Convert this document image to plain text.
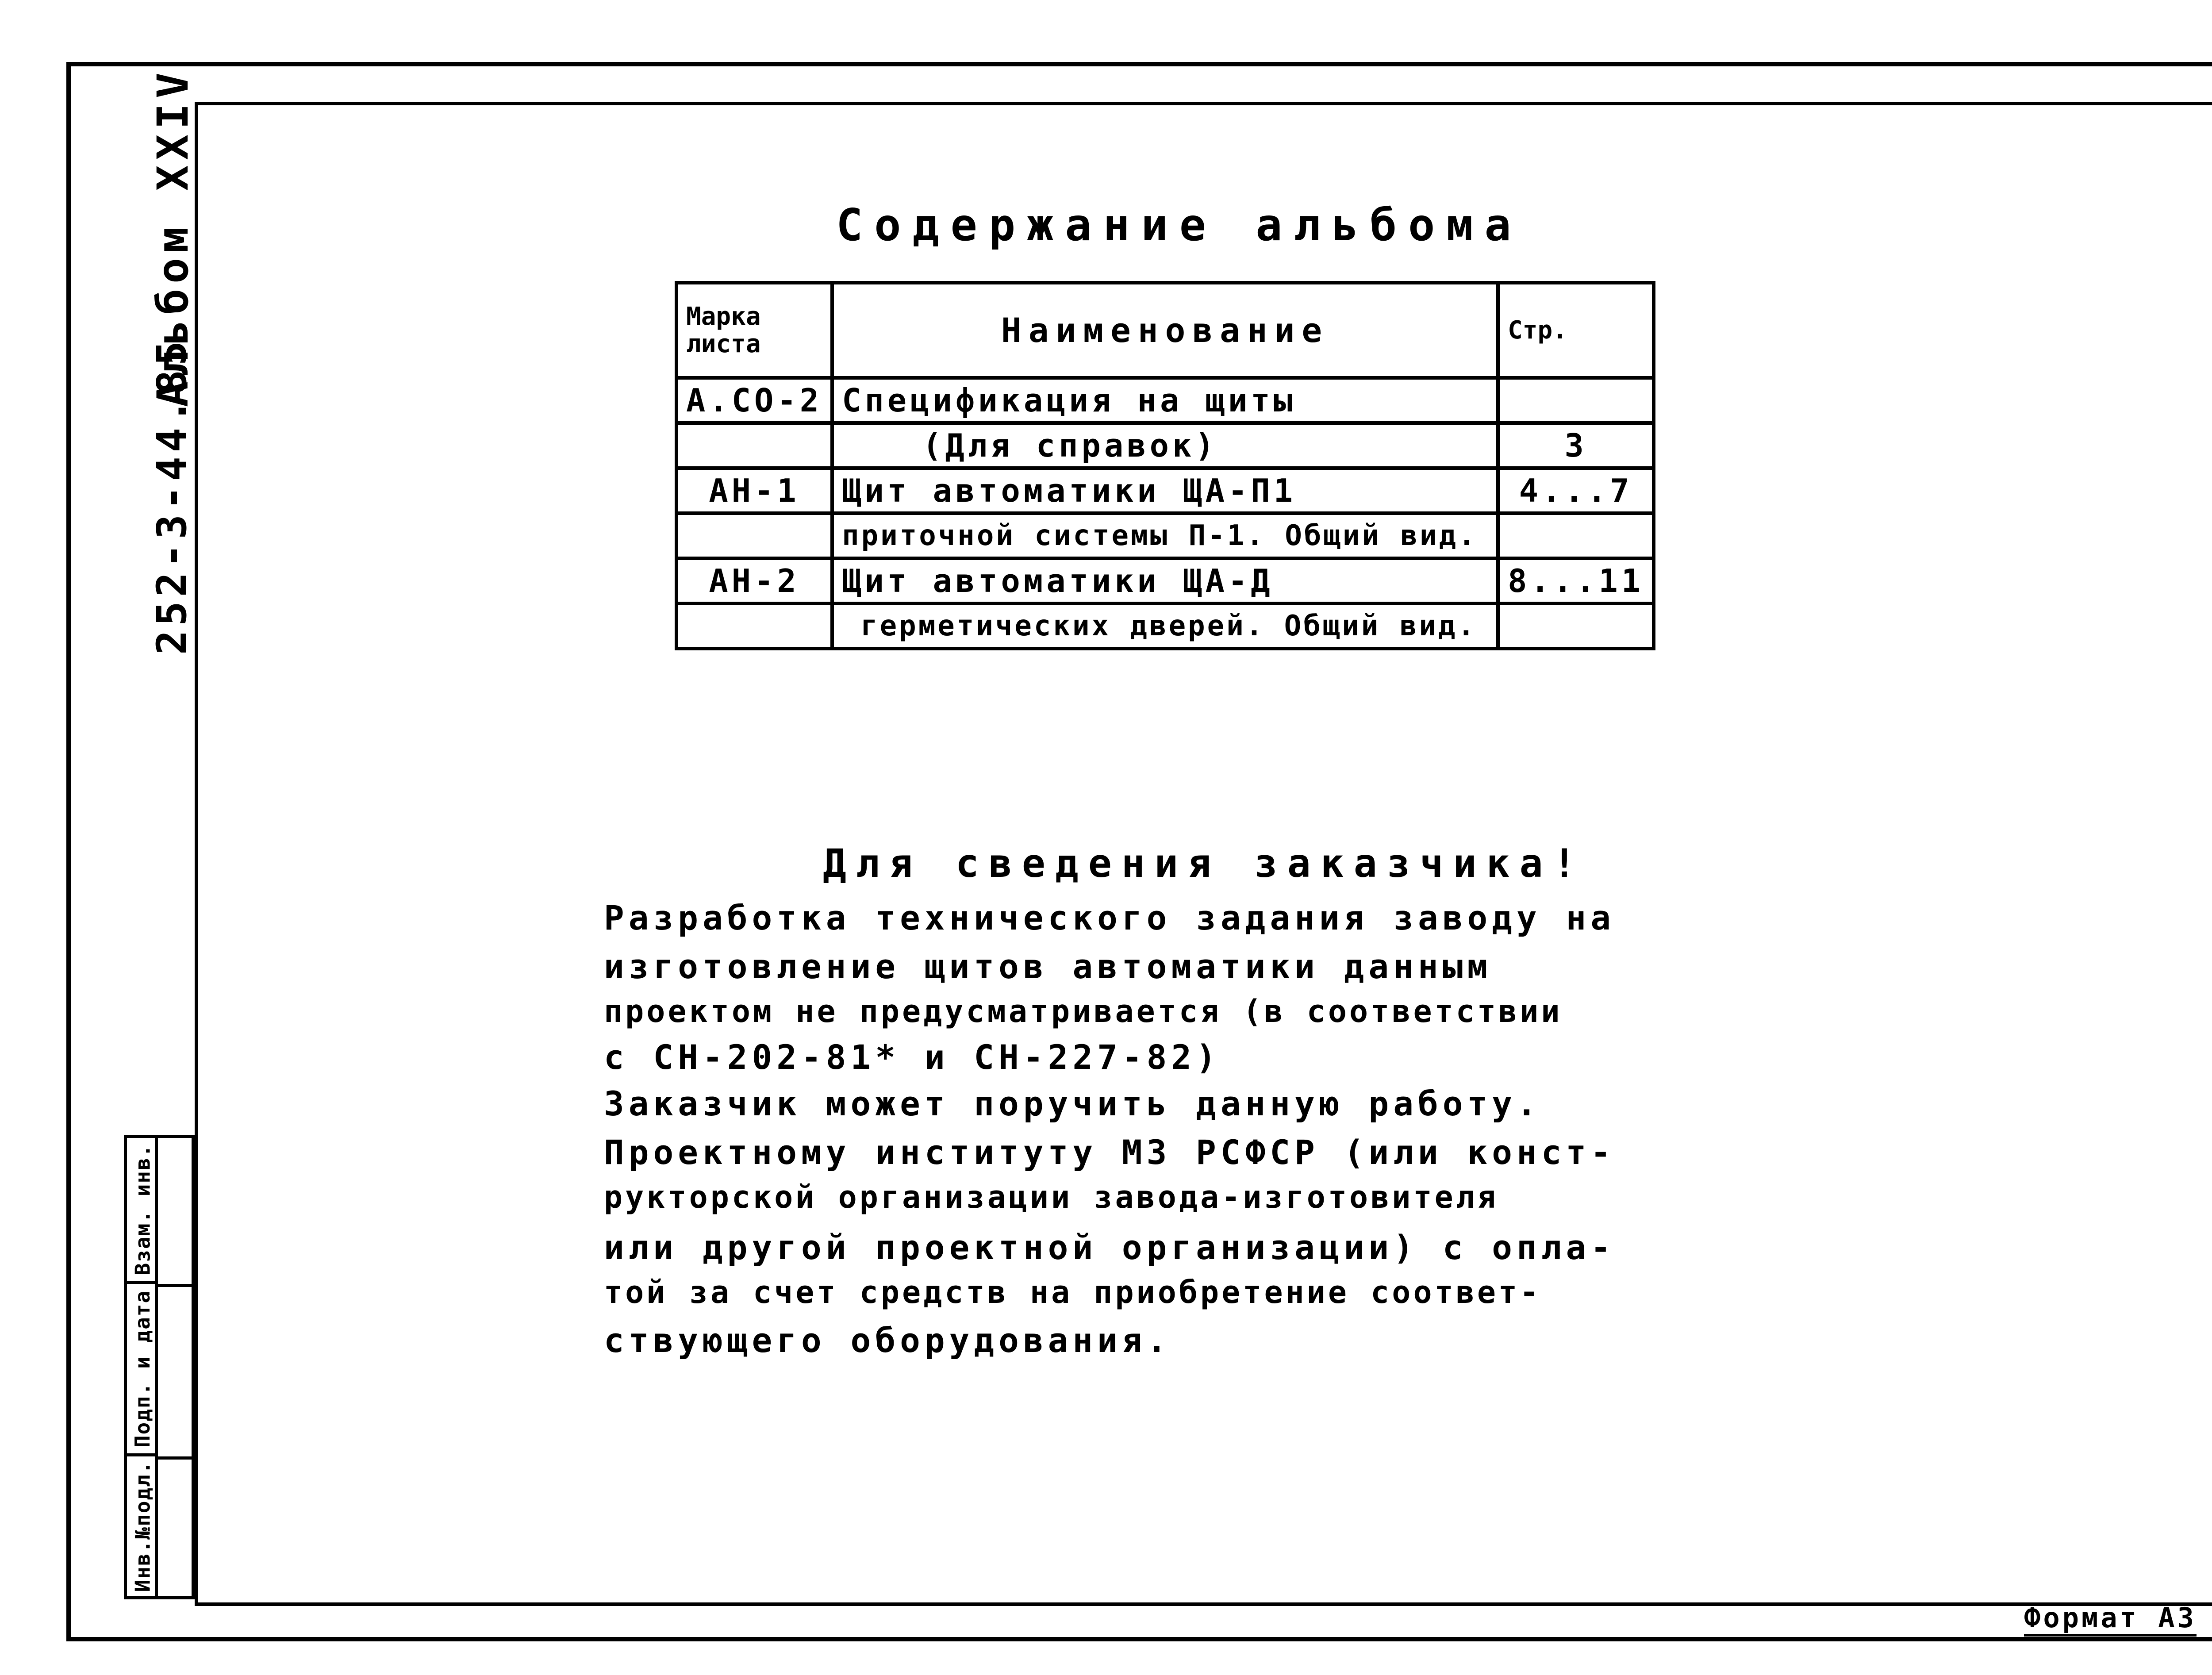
Альбом XXIV
252-3-44.85
Взам. инв.
Подп. и дата
Инв.№подл.
Содержание альбома
Марка
листа	Наименование	Стр.
А.СО-2	Спецификация на щиты	
	(Для справок)	3
АН-1	Щит автоматики ЩА-П1	4...7
	приточной системы П-1. Общий вид.	
АН-2	Щит автоматики ЩА-Д	8...11
	герметических дверей. Общий вид.	
Для сведения заказчика!
Разработка технического задания заводу на
изготовление щитов автоматики данным
проектом не предусматривается (в соответствии
с СН-202-81* и СН-227-82)
Заказчик может поручить данную работу.
Проектному институту МЗ РСФСР (или конст-
рукторской организации завода-изготовителя
или другой проектной организации) с опла-
той за счет средств на приобретение соответ-
ствующего оборудования.
Формат А3
